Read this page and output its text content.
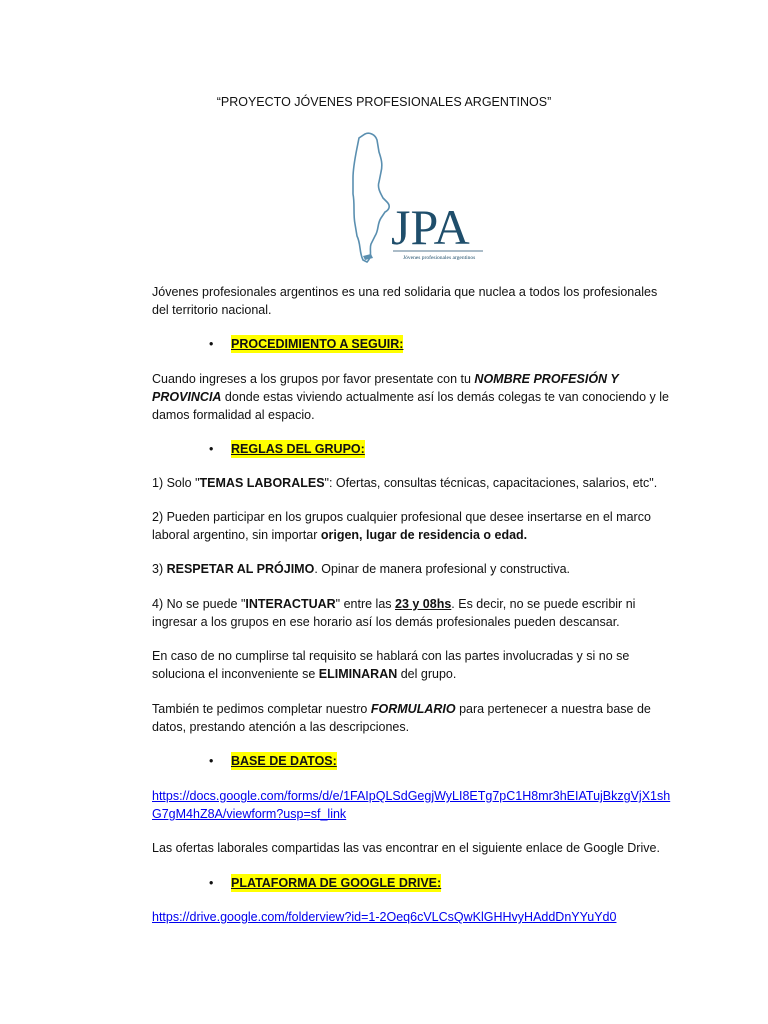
“PROYECTO JÓVENES PROFESIONALES ARGENTINOS”
JPA
Jóvenes profesionales argentinos
Jóvenes profesionales argentinos es una red solidaria que nuclea a todos los profesionales del territorio nacional.
• PROCEDIMIENTO A SEGUIR:
Cuando ingreses a los grupos por favor presentate con tu NOMBRE PROFESIÓN Y PROVINCIA donde estas viviendo actualmente así los demás colegas te van conociendo y le damos formalidad al espacio.
• REGLAS DEL GRUPO:
1) Solo "TEMAS LABORALES": Ofertas, consultas técnicas, capacitaciones, salarios, etc".
2) Pueden participar en los grupos cualquier profesional que desee insertarse en el marco laboral argentino, sin importar origen, lugar de residencia o edad.
3) RESPETAR AL PRÓJIMO. Opinar de manera profesional y constructiva.
4) No se puede "INTERACTUAR" entre las 23 y 08hs. Es decir, no se puede escribir ni ingresar a los grupos en ese horario así los demás profesionales pueden descansar.
En caso de no cumplirse tal requisito se hablará con las partes involucradas y si no se soluciona el inconveniente se ELIMINARAN del grupo.
También te pedimos completar nuestro FORMULARIO para pertenecer a nuestra base de datos, prestando atención a las descripciones.
• BASE DE DATOS:
https://docs.google.com/forms/d/e/1FAIpQLSdGegjWyLI8ETg7pC1H8mr3hEIATujBkzgVjX1shG7gM4hZ8A/viewform?usp=sf_link
Las ofertas laborales compartidas las vas encontrar en el siguiente enlace de Google Drive.
• PLATAFORMA DE GOOGLE DRIVE:
https://drive.google.com/folderview?id=1-2Oeq6cVLCsQwKlGHHvyHAddDnYYuYd0
